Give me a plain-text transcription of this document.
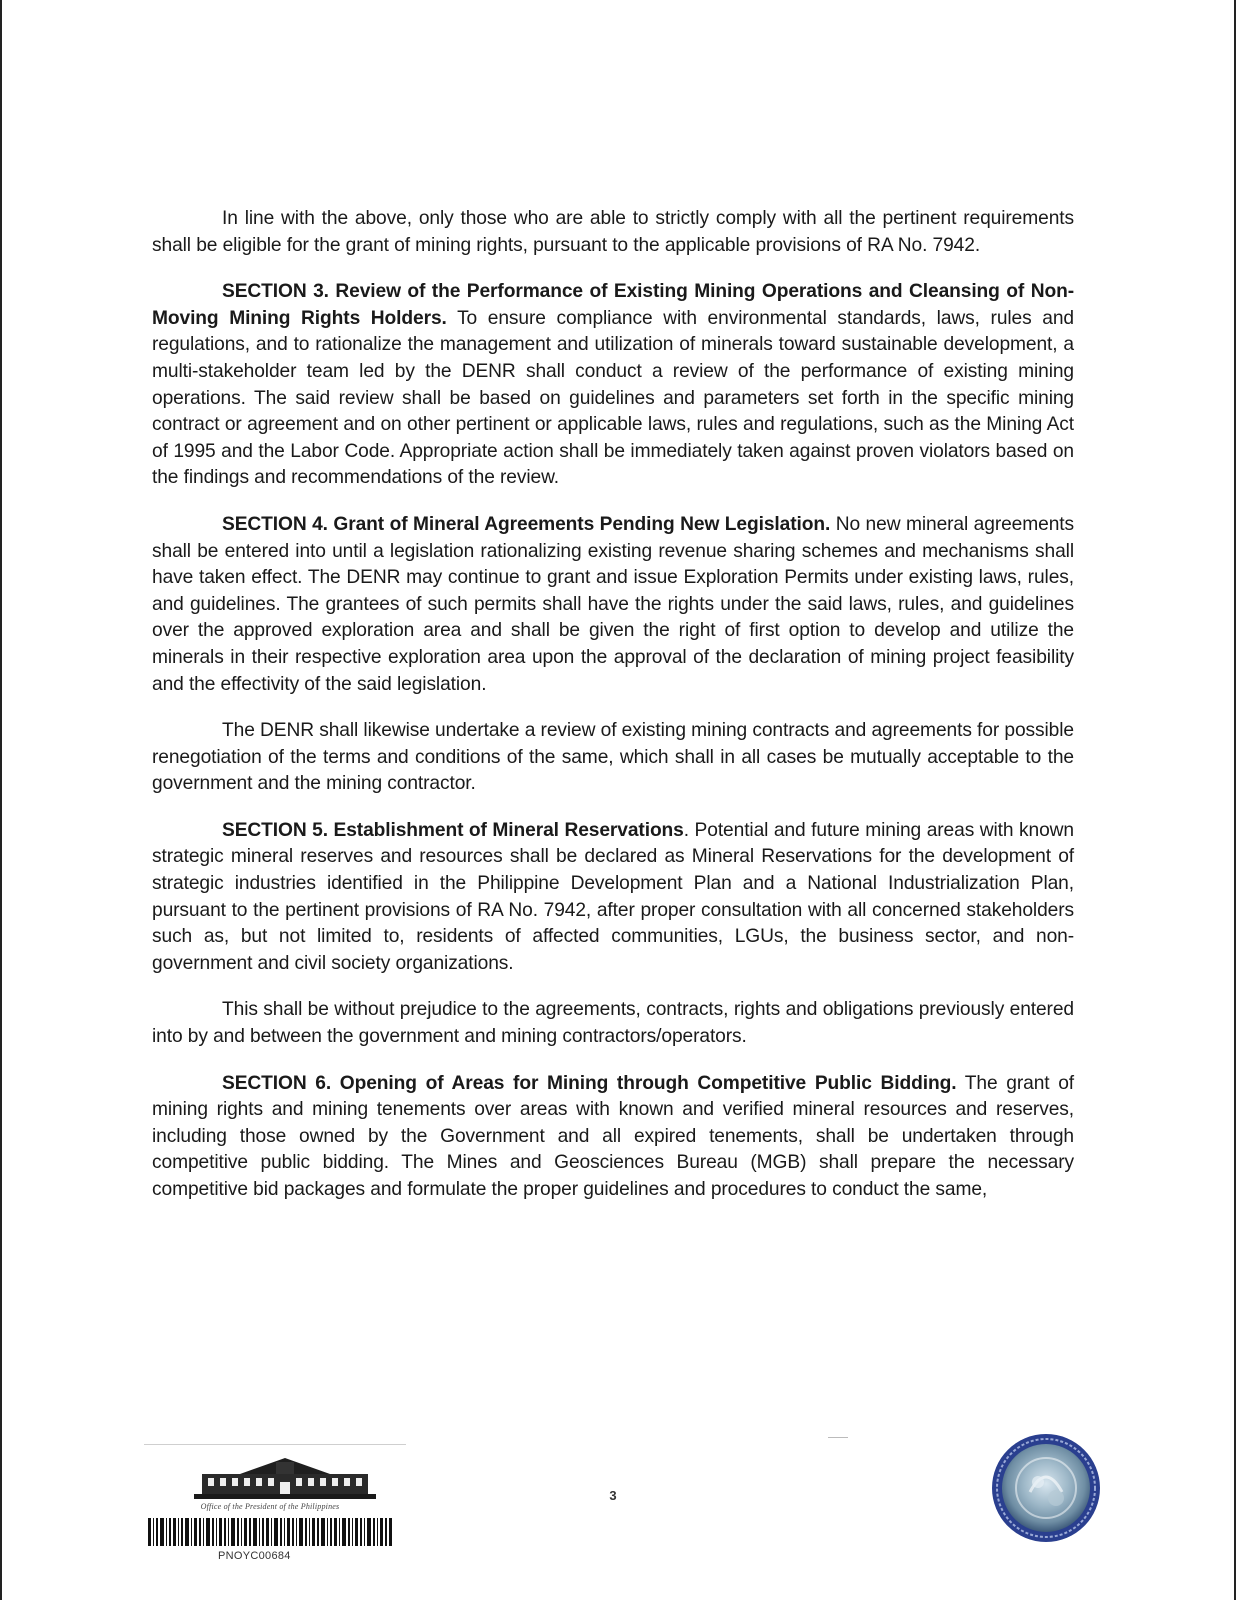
In line with the above, only those who are able to strictly comply with all the pertinent requirements shall be eligible for the grant of mining rights, pursuant to the applicable provisions of RA No. 7942.

SECTION 3. Review of the Performance of Existing Mining Operations and Cleansing of Non-Moving Mining Rights Holders. To ensure compliance with environmental standards, laws, rules and regulations, and to rationalize the management and utilization of minerals toward sustainable development, a multi-stakeholder team led by the DENR shall conduct a review of the performance of existing mining operations. The said review shall be based on guidelines and parameters set forth in the specific mining contract or agreement and on other pertinent or applicable laws, rules and regulations, such as the Mining Act of 1995 and the Labor Code. Appropriate action shall be immediately taken against proven violators based on the findings and recommendations of the review.

SECTION 4. Grant of Mineral Agreements Pending New Legislation. No new mineral agreements shall be entered into until a legislation rationalizing existing revenue sharing schemes and mechanisms shall have taken effect. The DENR may continue to grant and issue Exploration Permits under existing laws, rules, and guidelines. The grantees of such permits shall have the rights under the said laws, rules, and guidelines over the approved exploration area and shall be given the right of first option to develop and utilize the minerals in their respective exploration area upon the approval of the declaration of mining project feasibility and the effectivity of the said legislation.

The DENR shall likewise undertake a review of existing mining contracts and agreements for possible renegotiation of the terms and conditions of the same, which shall in all cases be mutually acceptable to the government and the mining contractor.

SECTION 5. Establishment of Mineral Reservations. Potential and future mining areas with known strategic mineral reserves and resources shall be declared as Mineral Reservations for the development of strategic industries identified in the Philippine Development Plan and a National Industrialization Plan, pursuant to the pertinent provisions of RA No. 7942, after proper consultation with all concerned stakeholders such as, but not limited to, residents of affected communities, LGUs, the business sector, and non-government and civil society organizations.

This shall be without prejudice to the agreements, contracts, rights and obligations previously entered into by and between the government and mining contractors/operators.

SECTION 6. Opening of Areas for Mining through Competitive Public Bidding. The grant of mining rights and mining tenements over areas with known and verified mineral resources and reserves, including those owned by the Government and all expired tenements, shall be undertaken through competitive public bidding. The Mines and Geosciences Bureau (MGB) shall prepare the necessary competitive bid packages and formulate the proper guidelines and procedures to conduct the same,

Office of the President of the Philippines
PNOYC00684
3
